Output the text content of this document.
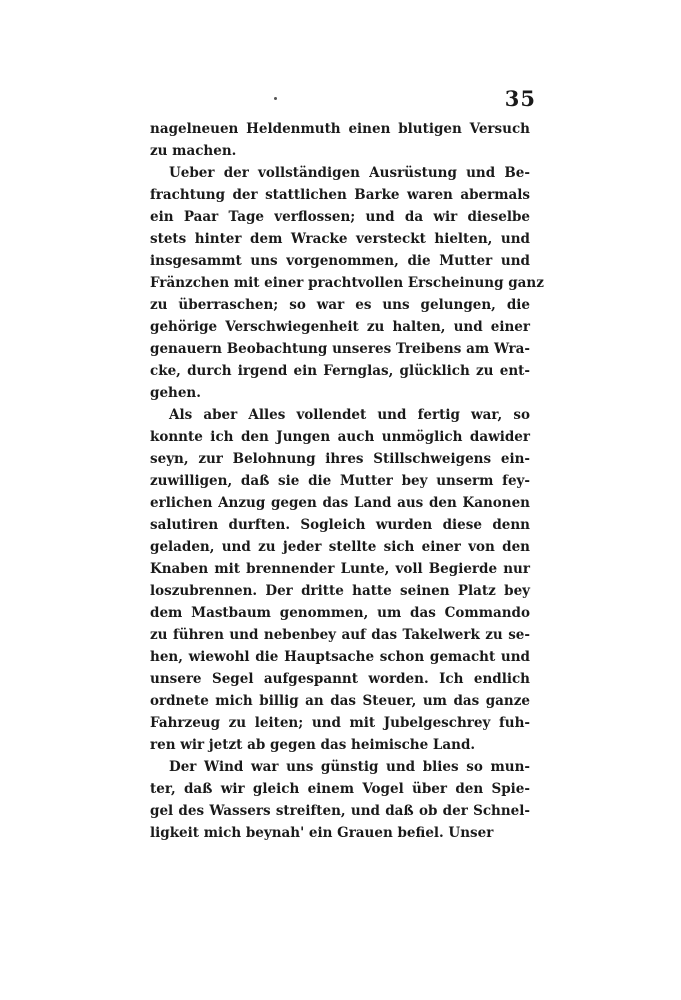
35
nagelneuen Heldenmuth einen blutigen Versuch
zu machen.
Ueber der vollständigen Ausrüstung und Be-
frachtung der stattlichen Barke waren abermals
ein Paar Tage verflossen; und da wir dieselbe
stets hinter dem Wracke versteckt hielten, und
insgesammt uns vorgenommen, die Mutter und
Fränzchen mit einer prachtvollen Erscheinung ganz
zu überraschen; so war es uns gelungen, die
gehörige Verschwiegenheit zu halten, und einer
genauern Beobachtung unseres Treibens am Wra-
cke, durch irgend ein Fernglas, glücklich zu ent-
gehen.
Als aber Alles vollendet und fertig war, so
konnte ich den Jungen auch unmöglich dawider
seyn, zur Belohnung ihres Stillschweigens ein-
zuwilligen, daß sie die Mutter bey unserm fey-
erlichen Anzug gegen das Land aus den Kanonen
salutiren durften. Sogleich wurden diese denn
geladen, und zu jeder stellte sich einer von den
Knaben mit brennender Lunte, voll Begierde nur
loszubrennen. Der dritte hatte seinen Platz bey
dem Mastbaum genommen, um das Commando
zu führen und nebenbey auf das Takelwerk zu se-
hen, wiewohl die Hauptsache schon gemacht und
unsere Segel aufgespannt worden. Ich endlich
ordnete mich billig an das Steuer, um das ganze
Fahrzeug zu leiten; und mit Jubelgeschrey fuh-
ren wir jetzt ab gegen das heimische Land.
Der Wind war uns günstig und blies so mun-
ter, daß wir gleich einem Vogel über den Spie-
gel des Wassers streiften, und daß ob der Schnel-
ligkeit mich beynah' ein Grauen befiel. Unser
